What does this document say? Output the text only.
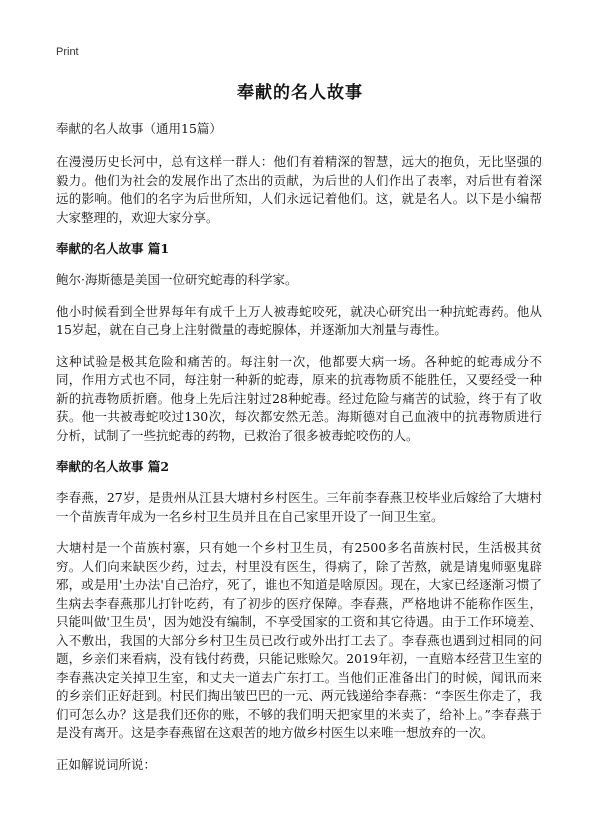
Print
奉献的名人故事
奉献的名人故事（通用15篇）

在漫漫历史长河中，总有这样一群人：他们有着精深的智慧，远大的抱负，无比坚强的毅力。他们为社会的发展作出了杰出的贡献，为后世的人们作出了表率，对后世有着深远的影响。他们的名字为后世所知，人们永远记着他们。这，就是名人。以下是小编帮大家整理的，欢迎大家分享。

奉献的名人故事 篇1

鲍尔·海斯德是美国一位研究蛇毒的科学家。

他小时候看到全世界每年有成千上万人被毒蛇咬死，就决心研究出一种抗蛇毒药。他从15岁起，就在自己身上注射微量的毒蛇腺体，并逐渐加大剂量与毒性。

这种试验是极其危险和痛苦的。每注射一次，他都要大病一场。各种蛇的蛇毒成分不同，作用方式也不同，每注射一种新的蛇毒，原来的抗毒物质不能胜任，又要经受一种新的抗毒物质折磨。他身上先后注射过28种蛇毒。经过危险与痛苦的试验，终于有了收获。他一共被毒蛇咬过130次，每次都安然无恙。海斯德对自己血液中的抗毒物质进行分析，试制了一些抗蛇毒的药物，已救治了很多被毒蛇咬伤的人。

奉献的名人故事 篇2

李春燕，27岁，是贵州从江县大塘村乡村医生。三年前李春燕卫校毕业后嫁给了大塘村一个苗族青年成为一名乡村卫生员并且在自己家里开设了一间卫生室。

大塘村是一个苗族村寨，只有她一个乡村卫生员，有2500多名苗族村民，生活极其贫穷。人们向来缺医少药，过去，村里没有医生，得病了，除了苦熬，就是请鬼师驱鬼辟邪，或是用'土办法'自己治疗，死了，谁也不知道是啥原因。现在，大家已经逐渐习惯了生病去李春燕那儿打针吃药，有了初步的医疗保障。李春燕，严格地讲不能称作医生，只能叫做'卫生员'，因为她没有编制，不享受国家的工资和其它待遇。由于工作环境差、入不敷出，我国的大部分乡村卫生员已改行或外出打工去了。李春燕也遇到过相同的问题，乡亲们来看病，没有钱付药费，只能记账赊欠。2019年初，一直赔本经营卫生室的李春燕决定关掉卫生室，和丈夫一道去广东打工。当他们正准备出门的时候，闻讯而来的乡亲们正好赶到。村民们掏出皱巴巴的一元、两元钱递给李春燕：“李医生你走了，我们可怎么办？这是我们还你的账，不够的我们明天把家里的米卖了，给补上。”李春燕于是没有离开。这是李春燕留在这艰苦的地方做乡村医生以来唯一想放弃的一次。

正如解说词所说：
